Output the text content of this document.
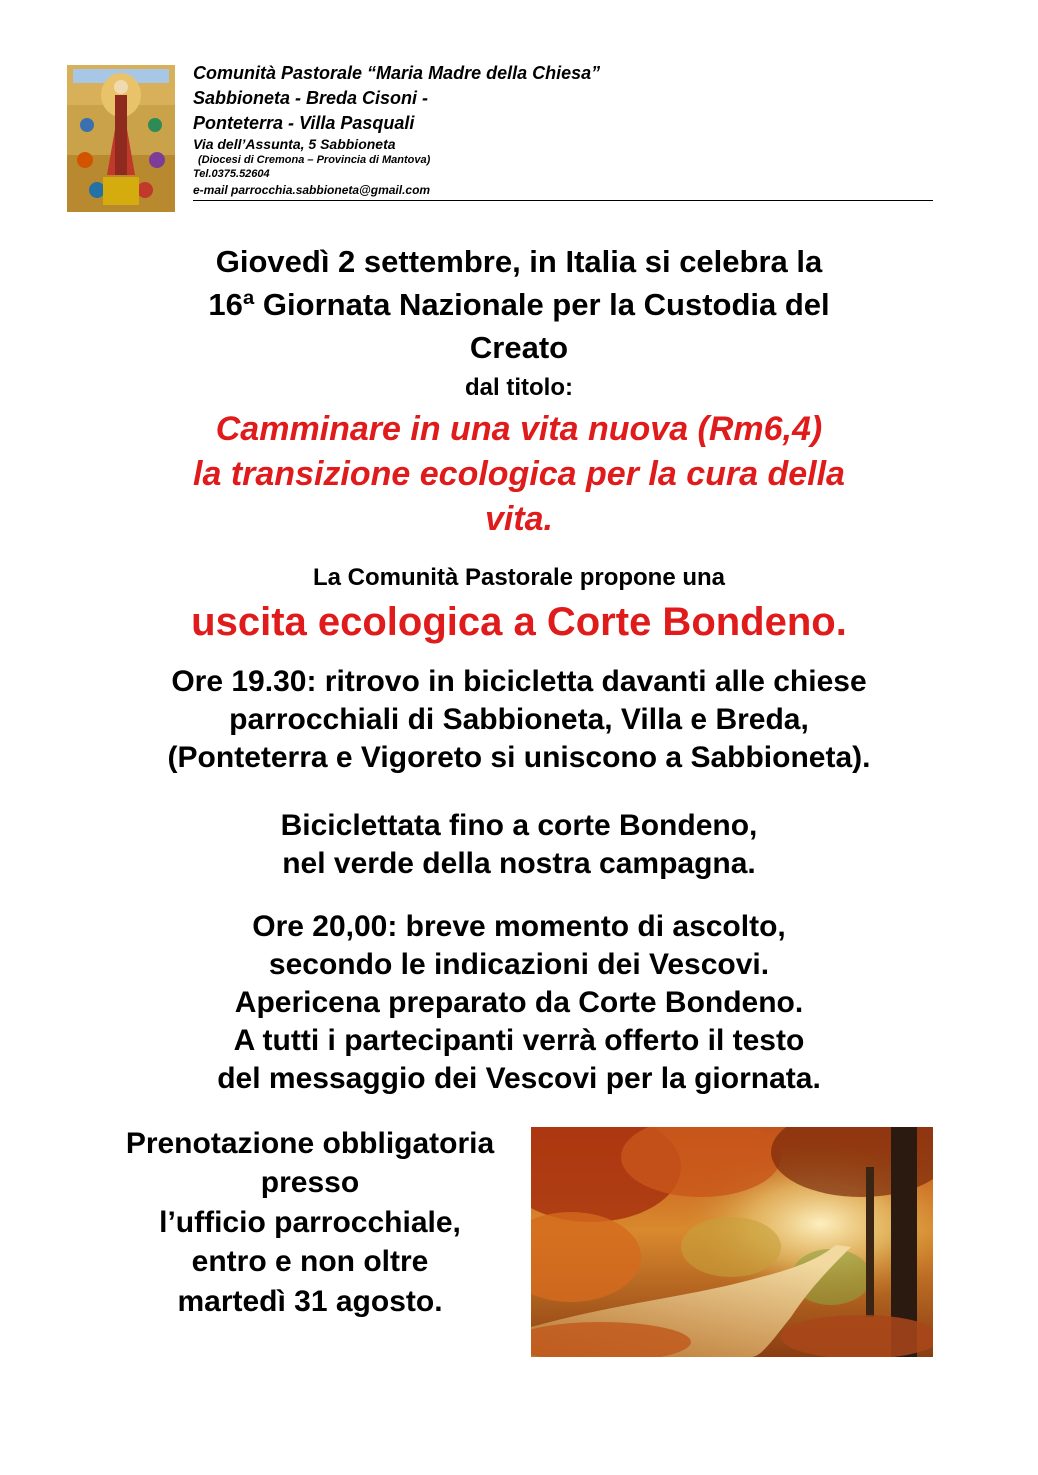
Comunità Pastorale “Maria Madre della Chiesa”
Sabbioneta - Breda Cisoni -
Ponteterra - Villa Pasquali
Via dell’Assunta, 5 Sabbioneta
(Diocesi di Cremona – Provincia di Mantova)
Tel.0375.52604
e-mail parrocchia.sabbioneta@gmail.com
Giovedì 2 settembre, in Italia si celebra la
16ª Giornata Nazionale per la Custodia del
Creato
dal titolo:
Camminare in una vita nuova (Rm6,4)
la transizione ecologica per la cura della
vita.
La Comunità Pastorale propone una
uscita ecologica a Corte Bondeno.
Ore 19.30: ritrovo in bicicletta davanti alle chiese
parrocchiali di Sabbioneta, Villa e Breda,
(Ponteterra e Vigoreto si uniscono a Sabbioneta).
Biciclettata fino a corte Bondeno,
nel verde della nostra campagna.
Ore 20,00: breve momento di ascolto,
secondo le indicazioni dei Vescovi.
Apericena preparato da Corte Bondeno.
A tutti i partecipanti verrà offerto il testo
del messaggio dei Vescovi per la giornata.
Prenotazione obbligatoria
presso
l’ufficio parrocchiale,
entro e non oltre
martedì 31 agosto.
